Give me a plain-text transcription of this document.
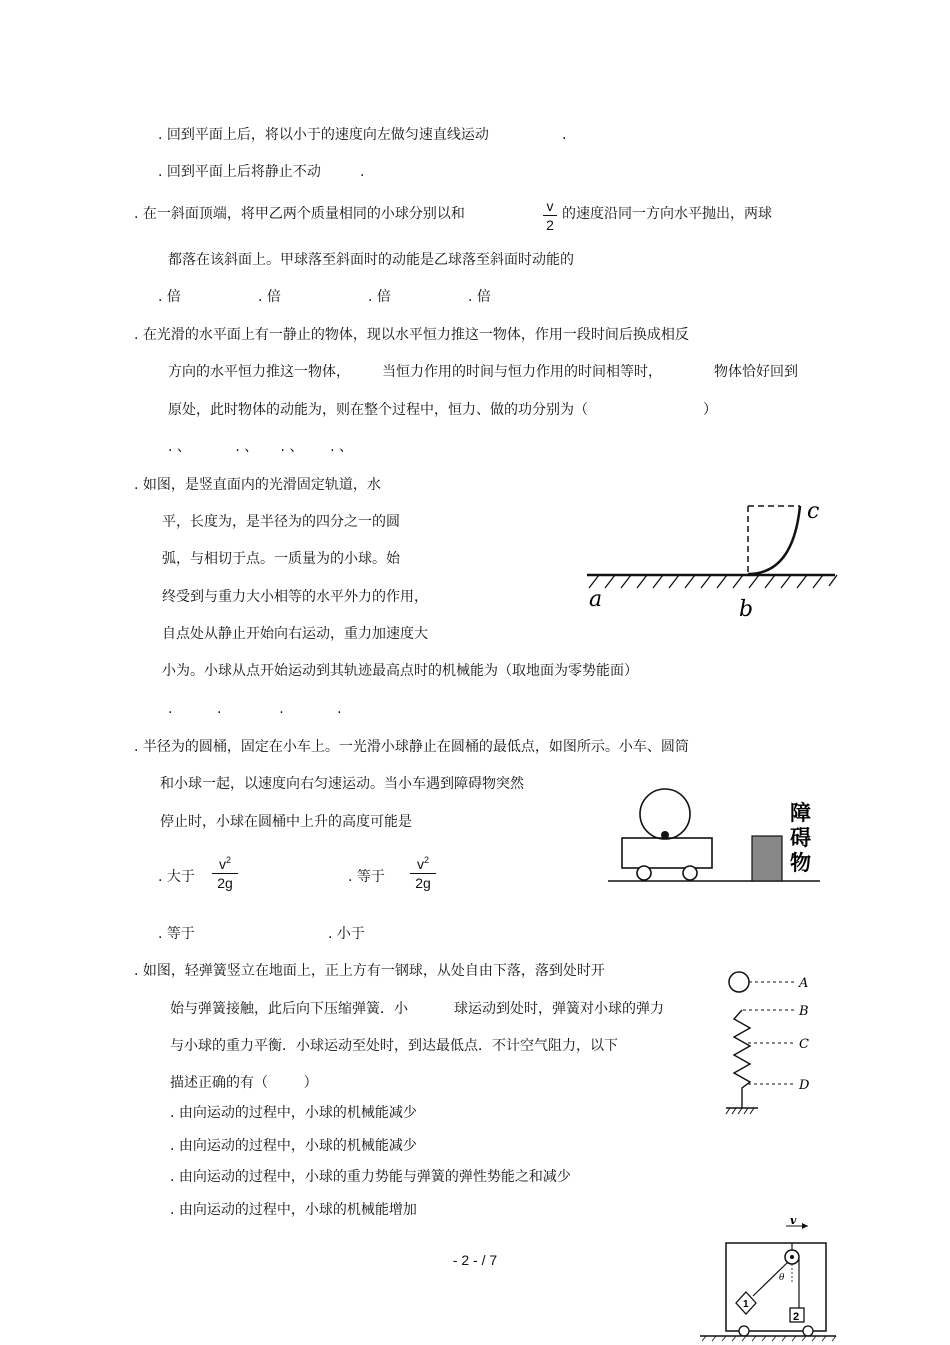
. 回到平面上后，将以小于的速度向左做匀速直线运动	.
. 回到平面上后将静止不动	.
. 在一斜面顶端，将甲乙两个质量相同的小球分别以和	v
2
的速度沿同一方向水平抛出，两球
都落在该斜面上。甲球落至斜面时的动能是乙球落至斜面时动能的
. 倍	. 倍	. 倍	. 倍
. 在光滑的水平面上有一静止的物体，现以水平恒力推这一物体，作用一段时间后换成相反
方向的水平恒力推这一物体， 当恒力作用的时间与恒力作用的时间相等时，	物体恰好回到
原处，此时物体的动能为，则在整个过程中，恒力、做的功分别为（	）
. 、          . 、     . 、      . 、
. 如图，是竖直面内的光滑固定轨道，水
平，长度为，是半径为的四分之一的圆
弧，与相切于点。一质量为的小球。始
终受到与重力大小相等的水平外力的作用，
自点处从静止开始向右运动，重力加速度大
小为。小球从点开始运动到其轨迹最高点时的机械能为（取地面为零势能面）
.          .             .            .
a	b
c
. 半径为的圆桶，固定在小车上。一光滑小球静止在圆桶的最低点，如图所示。小车、圆筒
和小球一起，以速度向右匀速运动。当小车遇到障碍物突然
停止时，小球在圆桶中上升的高度可能是
. 大于
$v^2$
2g	. 等于
$v^2$
2g
. 等于	. 小于
障
碍
物
. 如图，轻弹簧竖立在地面上，正上方有一钢球，从处自由下落，落到处时开
始与弹簧接触，此后向下压缩弹簧．小	球运动到处时，弹簧对小球的弹力
与小球的重力平衡．小球运动至处时，到达最低点．不计空气阻力，以下
描述正确的有（        ）
. 由向运动的过程中，小球的机械能减少
. 由向运动的过程中，小球的机械能减少
. 由向运动的过程中，小球的重力势能与弹簧的弹性势能之和减少
. 由向运动的过程中，小球的机械能增加
A
B
C
D
v
θ
1
2
- 2 - / 7
